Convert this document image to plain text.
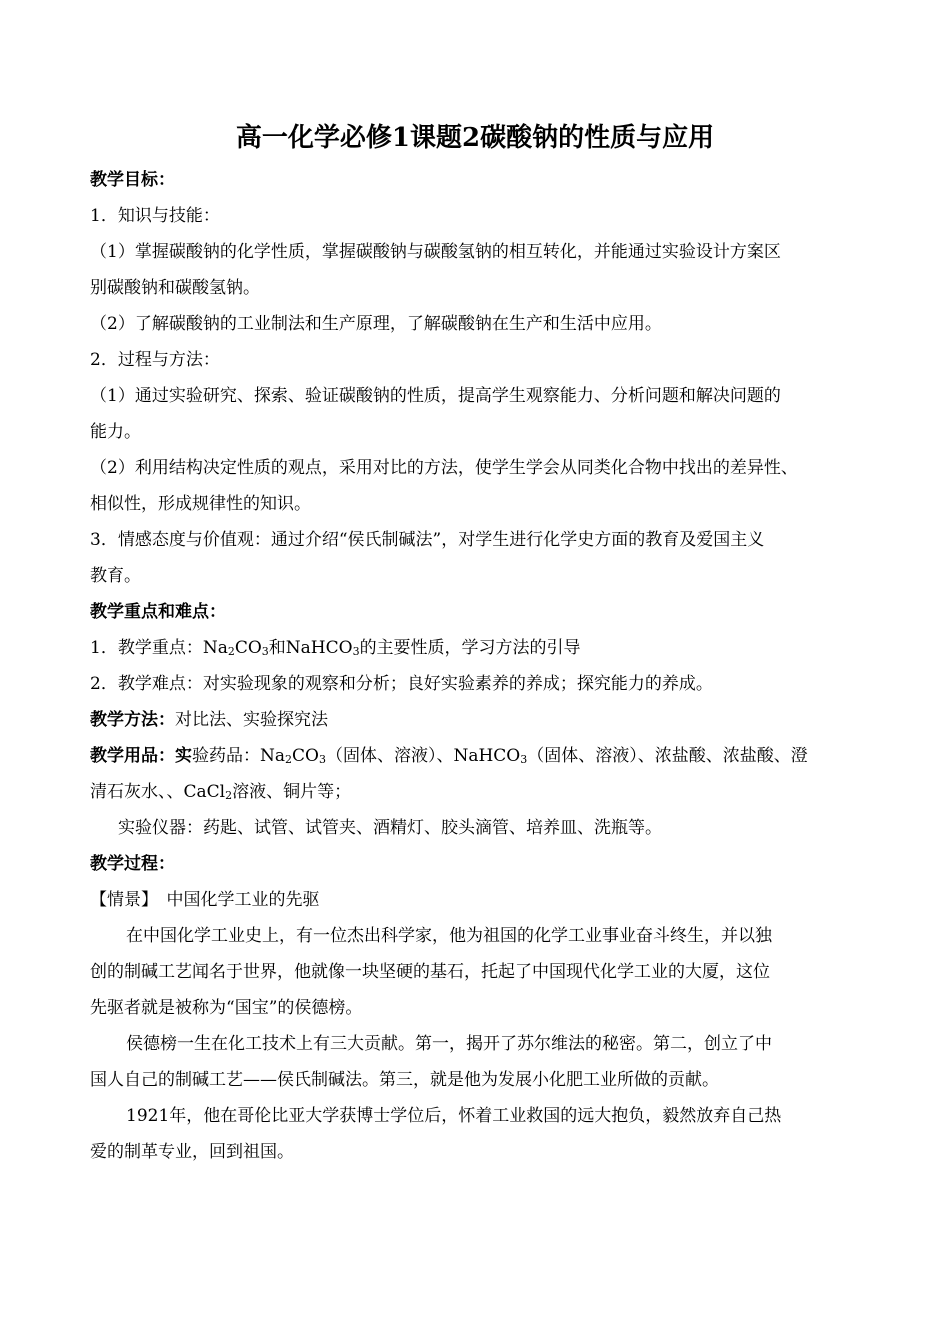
高一化学必修1课题2碳酸钠的性质与应用
教学目标：
1．知识与技能：
（1）掌握碳酸钠的化学性质，掌握碳酸钠与碳酸氢钠的相互转化，并能通过实验设计方案区
别碳酸钠和碳酸氢钠。
（2）了解碳酸钠的工业制法和生产原理，了解碳酸钠在生产和生活中应用。
2．过程与方法：
（1）通过实验研究、探索、验证碳酸钠的性质，提高学生观察能力、分析问题和解决问题的
能力。
（2）利用结构决定性质的观点，采用对比的方法，使学生学会从同类化合物中找出的差异性、
相似性，形成规律性的知识。
3．情感态度与价值观：通过介绍“侯氏制碱法”，对学生进行化学史方面的教育及爱国主义
教育。
教学重点和难点：
1．教学重点：$Na_2CO_3$和NaHCO$_3$的主要性质，学习方法的引导
2．教学难点：对实验现象的观察和分析；良好实验素养的养成；探究能力的养成。
教学方法：对比法、实验探究法
教学用品：实验药品：$Na_2CO_3$（固体、溶液）、NaHCO$_3$（固体、溶液）、浓盐酸、浓盐酸、澄
清石灰水、、CaCl$_2$溶液、铜片等；
实验仪器：药匙、试管、试管夹、酒精灯、胶头滴管、培养皿、洗瓶等。
教学过程：
【情景】　中国化学工业的先驱
在中国化学工业史上，有一位杰出科学家，他为祖国的化学工业事业奋斗终生，并以独
创的制碱工艺闻名于世界，他就像一块坚硬的基石，托起了中国现代化学工业的大厦，这位
先驱者就是被称为“国宝”的侯德榜。
侯德榜一生在化工技术上有三大贡献。第一，揭开了苏尔维法的秘密。第二，创立了中
国人自己的制碱工艺——侯氏制碱法。第三，就是他为发展小化肥工业所做的贡献。
1921年，他在哥伦比亚大学获博士学位后，怀着工业救国的远大抱负，毅然放弃自己热
爱的制革专业，回到祖国。
